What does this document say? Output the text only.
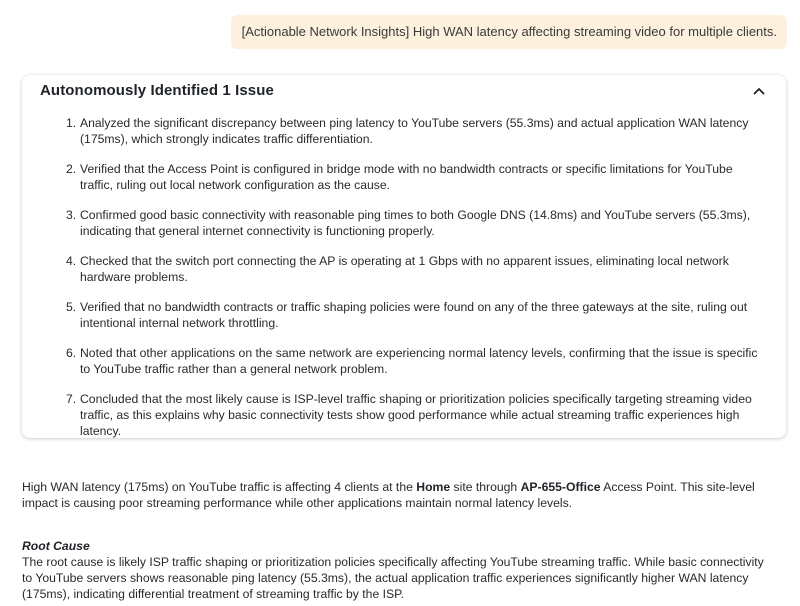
[Actionable Network Insights] High WAN latency affecting streaming video for multiple clients.
Autonomously Identified 1 Issue
1. Analyzed the significant discrepancy between ping latency to YouTube servers (55.3ms) and actual application WAN latency (175ms), which strongly indicates traffic differentiation.
2. Verified that the Access Point is configured in bridge mode with no bandwidth contracts or specific limitations for YouTube traffic, ruling out local network configuration as the cause.
3. Confirmed good basic connectivity with reasonable ping times to both Google DNS (14.8ms) and YouTube servers (55.3ms), indicating that general internet connectivity is functioning properly.
4. Checked that the switch port connecting the AP is operating at 1 Gbps with no apparent issues, eliminating local network hardware problems.
5. Verified that no bandwidth contracts or traffic shaping policies were found on any of the three gateways at the site, ruling out intentional internal network throttling.
6. Noted that other applications on the same network are experiencing normal latency levels, confirming that the issue is specific to YouTube traffic rather than a general network problem.
7. Concluded that the most likely cause is ISP-level traffic shaping or prioritization policies specifically targeting streaming video traffic, as this explains why basic connectivity tests show good performance while actual streaming traffic experiences high latency.

High WAN latency (175ms) on YouTube traffic is affecting 4 clients at the Home site through AP-655-Office Access Point. This site-level impact is causing poor streaming performance while other applications maintain normal latency levels.

Root Cause

The root cause is likely ISP traffic shaping or prioritization policies specifically affecting YouTube streaming traffic. While basic connectivity to YouTube servers shows reasonable ping latency (55.3ms), the actual application traffic experiences significantly higher WAN latency (175ms), indicating differential treatment of streaming traffic by the ISP.
